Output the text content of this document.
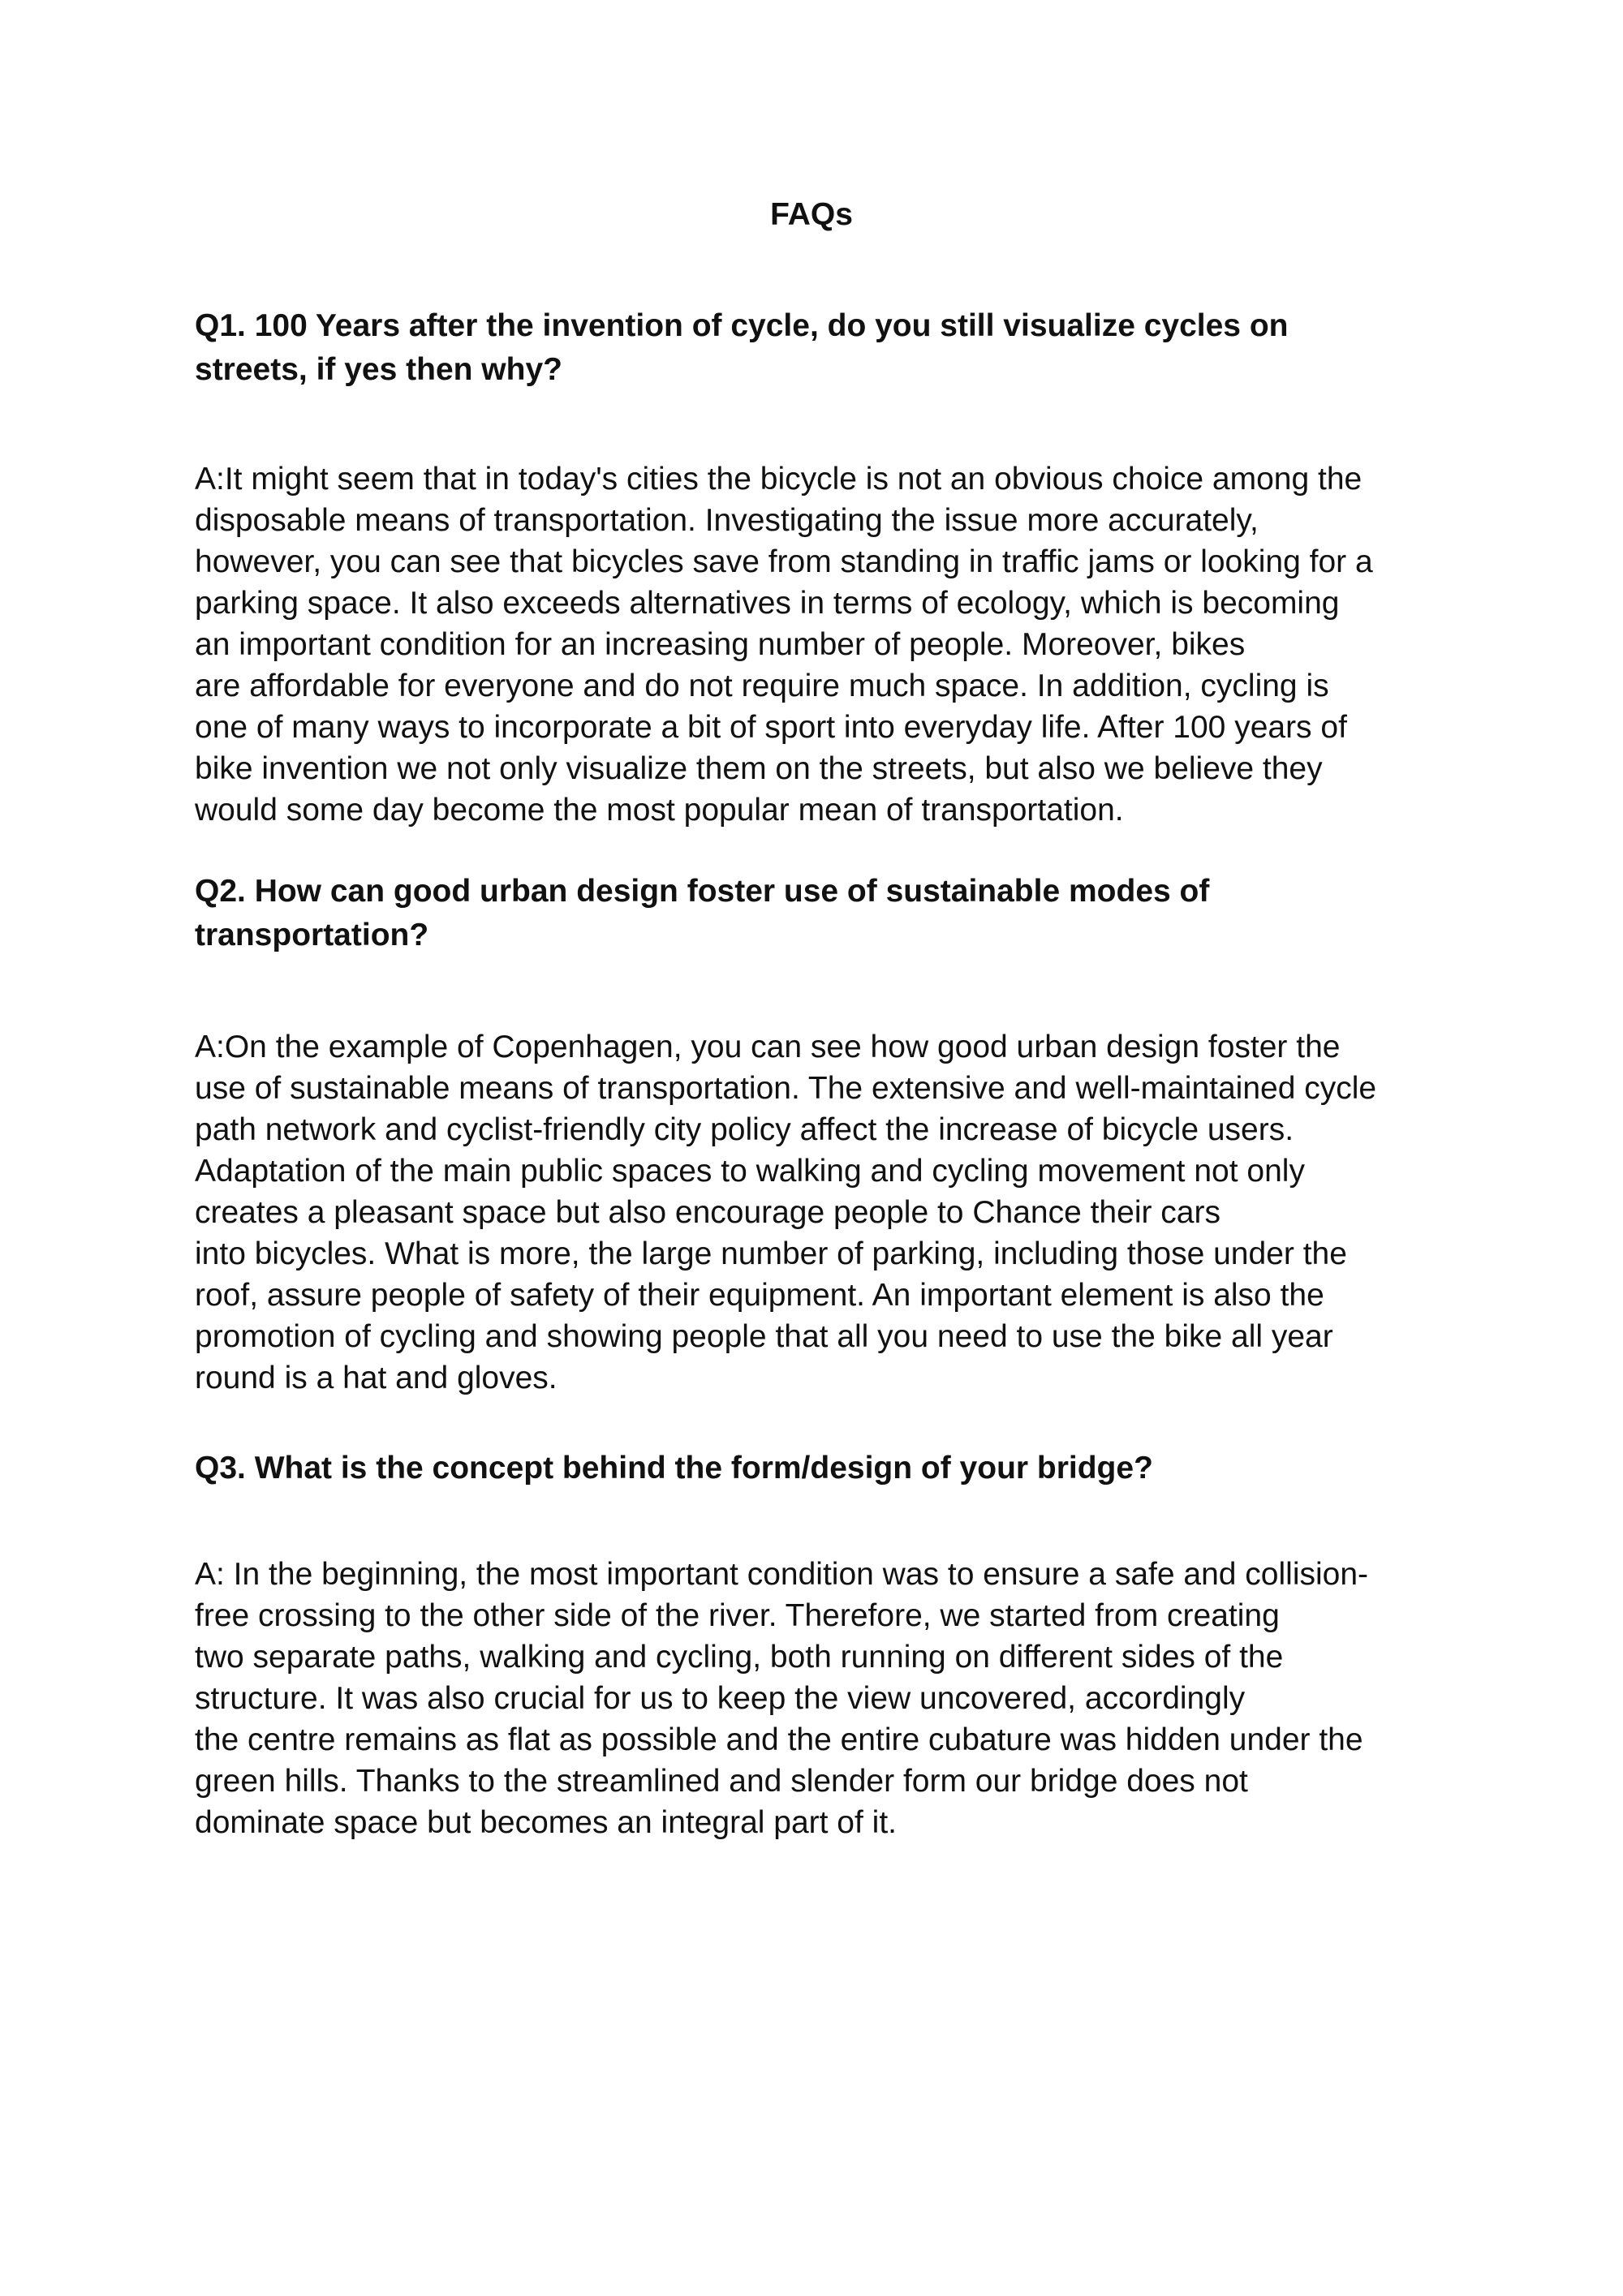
FAQs

Q1. 100 Years after the invention of cycle, do you still visualize cycles on
streets, if yes then why?

A:It might seem that in today's cities the bicycle is not an obvious choice among the
disposable means of transportation. Investigating the issue more accurately,
however, you can see that bicycles save from standing in traffic jams or looking for a
parking space. It also exceeds alternatives in terms of ecology, which is becoming
an important condition for an increasing number of people. Moreover, bikes
are affordable for everyone and do not require much space. In addition, cycling is
one of many ways to incorporate a bit of sport into everyday life. After 100 years of
bike invention we not only visualize them on the streets, but also we believe they
would some day become the most popular mean of transportation.

Q2. How can good urban design foster use of sustainable modes of
transportation?

A:On the example of Copenhagen, you can see how good urban design foster the
use of sustainable means of transportation. The extensive and well-maintained cycle
path network and cyclist-friendly city policy affect the increase of bicycle users.
Adaptation of the main public spaces to walking and cycling movement not only
creates a pleasant space but also encourage people to Chance their cars
into bicycles. What is more, the large number of parking, including those under the
roof, assure people of safety of their equipment. An important element is also the
promotion of cycling and showing people that all you need to use the bike all year
round is a hat and gloves.

Q3. What is the concept behind the form/design of your bridge?

A: In the beginning, the most important condition was to ensure a safe and collision-
free crossing to the other side of the river. Therefore, we started from creating
two separate paths, walking and cycling, both running on different sides of the
structure. It was also crucial for us to keep the view uncovered, accordingly
the centre remains as flat as possible and the entire cubature was hidden under the
green hills. Thanks to the streamlined and slender form our bridge does not
dominate space but becomes an integral part of it.
